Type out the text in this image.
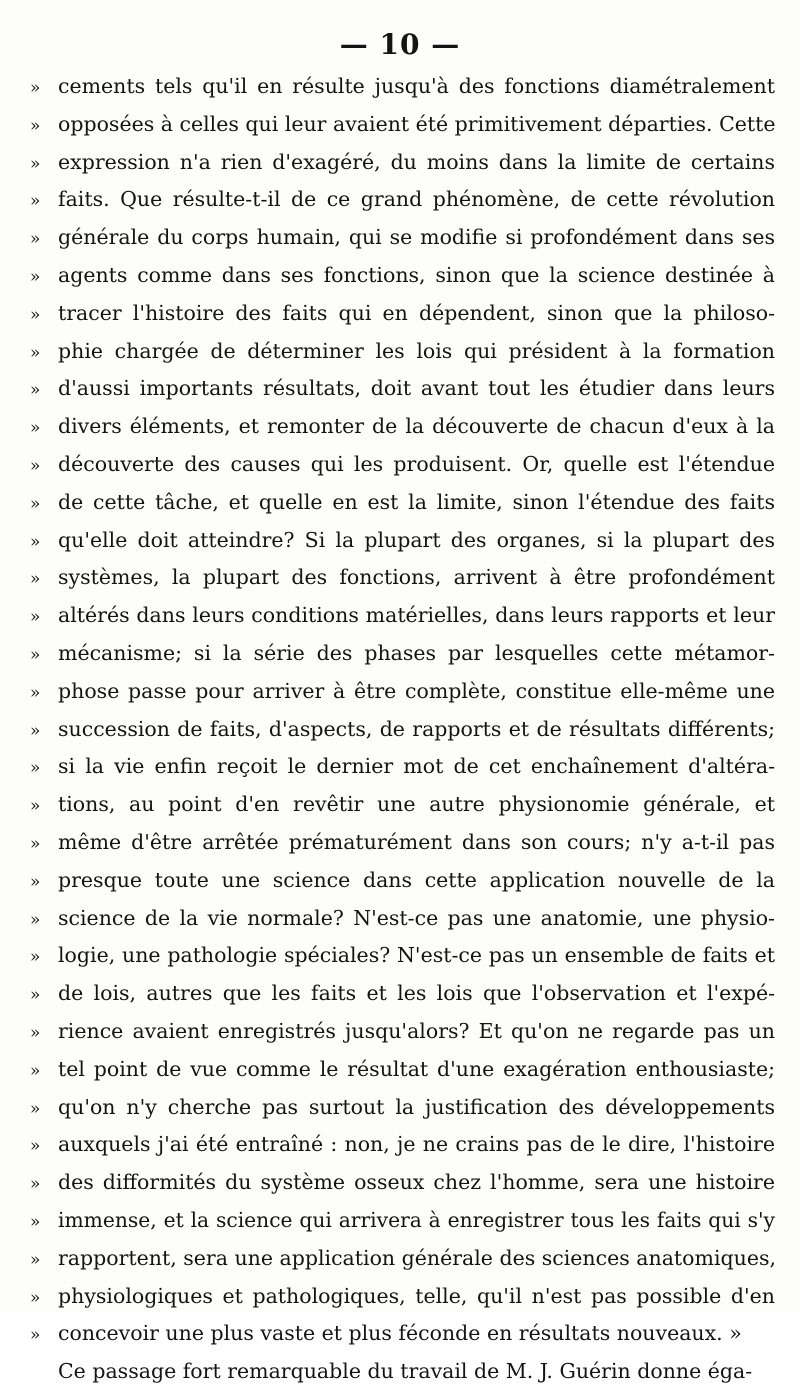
— 10 —
» cements tels qu'il en résulte jusqu'à des fonctions diamétralement
» opposées à celles qui leur avaient été primitivement départies. Cette
» expression n'a rien d'exagéré, du moins dans la limite de certains
» faits. Que résulte-t-il de ce grand phénomène, de cette révolution
» générale du corps humain, qui se modifie si profondément dans ses
» agents comme dans ses fonctions, sinon que la science destinée à
» tracer l'histoire des faits qui en dépendent, sinon que la philoso-
» phie chargée de déterminer les lois qui président à la formation
» d'aussi importants résultats, doit avant tout les étudier dans leurs
» divers éléments, et remonter de la découverte de chacun d'eux à la
» découverte des causes qui les produisent. Or, quelle est l'étendue
» de cette tâche, et quelle en est la limite, sinon l'étendue des faits
» qu'elle doit atteindre? Si la plupart des organes, si la plupart des
» systèmes, la plupart des fonctions, arrivent à être profondément
» altérés dans leurs conditions matérielles, dans leurs rapports et leur
» mécanisme; si la série des phases par lesquelles cette métamor-
» phose passe pour arriver à être complète, constitue elle-même une
» succession de faits, d'aspects, de rapports et de résultats différents;
» si la vie enfin reçoit le dernier mot de cet enchaînement d'altéra-
» tions, au point d'en revêtir une autre physionomie générale, et
» même d'être arrêtée prématurément dans son cours; n'y a-t-il pas
» presque toute une science dans cette application nouvelle de la
» science de la vie normale? N'est-ce pas une anatomie, une physio-
» logie, une pathologie spéciales? N'est-ce pas un ensemble de faits et
» de lois, autres que les faits et les lois que l'observation et l'expé-
» rience avaient enregistrés jusqu'alors? Et qu'on ne regarde pas un
» tel point de vue comme le résultat d'une exagération enthousiaste;
» qu'on n'y cherche pas surtout la justification des développements
» auxquels j'ai été entraîné : non, je ne crains pas de le dire, l'histoire
» des difformités du système osseux chez l'homme, sera une histoire
» immense, et la science qui arrivera à enregistrer tous les faits qui s'y
» rapportent, sera une application générale des sciences anatomiques,
» physiologiques et pathologiques, telle, qu'il n'est pas possible d'en
» concevoir une plus vaste et plus féconde en résultats nouveaux. »
Ce passage fort remarquable du travail de M. J. Guérin donne éga-
